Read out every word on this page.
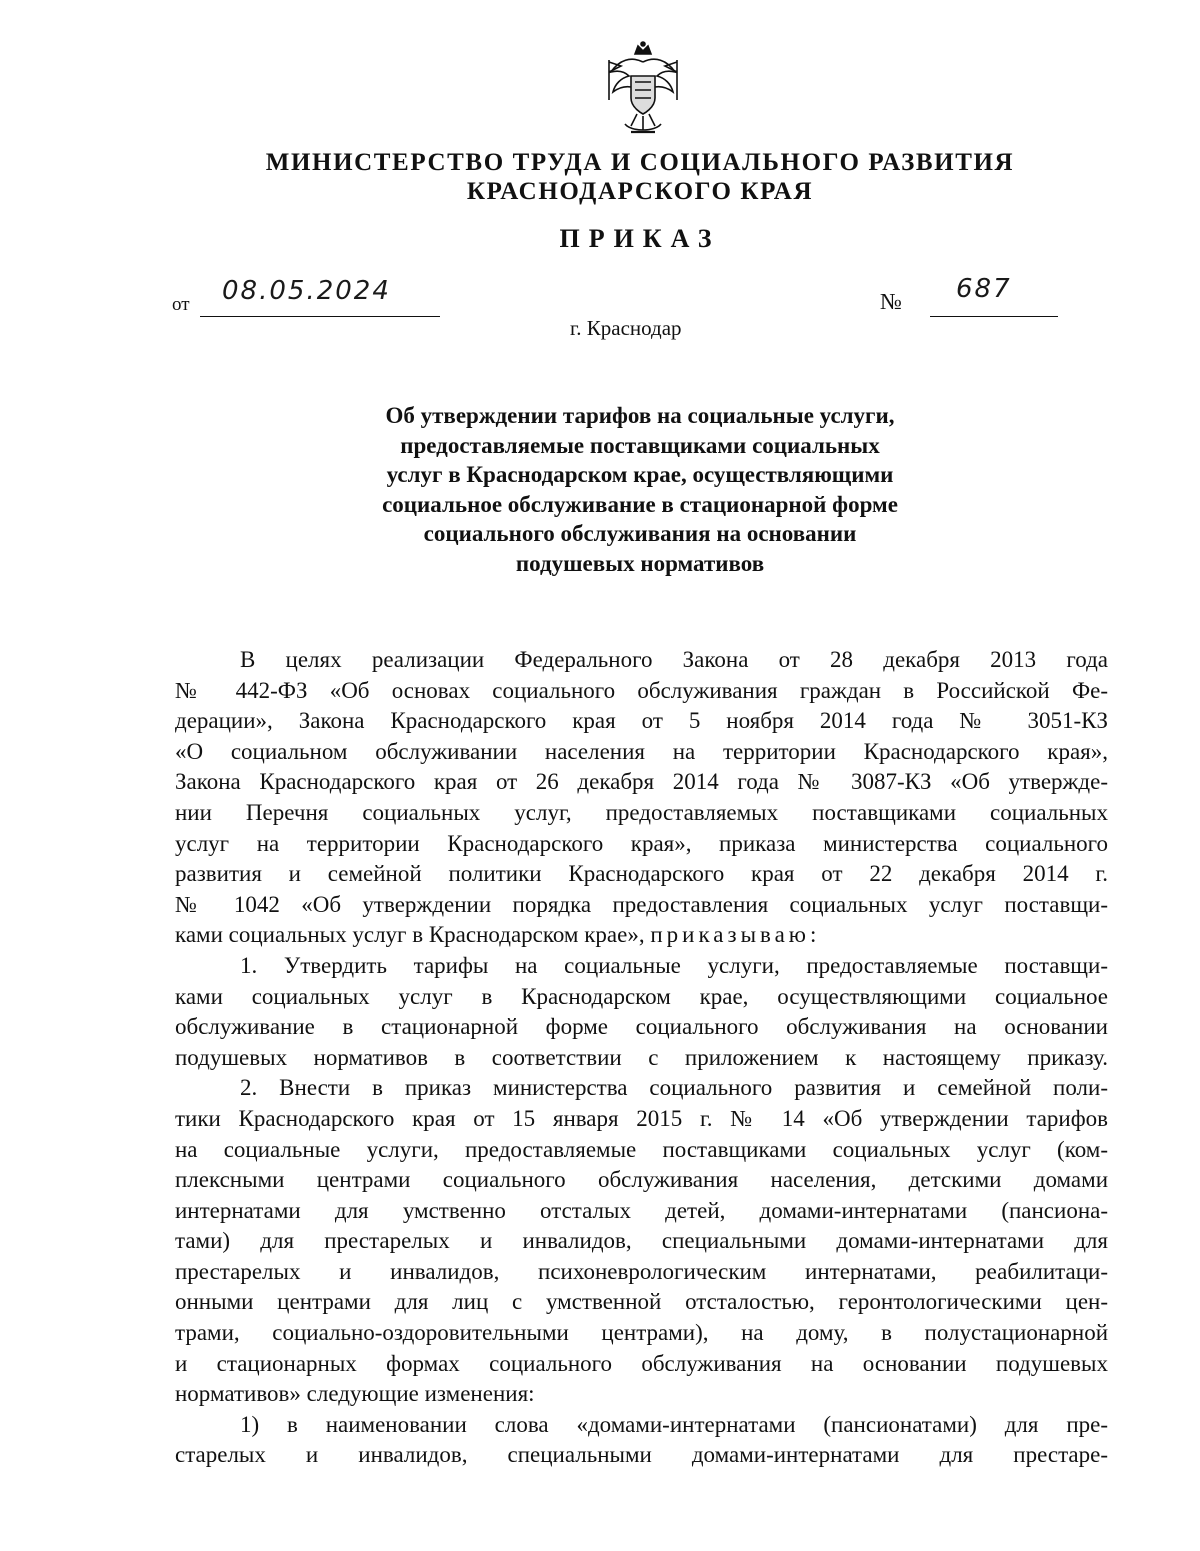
МИНИСТЕРСТВО ТРУДА И СОЦИАЛЬНОГО РАЗВИТИЯ
КРАСНОДАРСКОГО КРАЯ
ПРИКАЗ
от 08.05.2024	№ 687
г. Краснодар
Об утверждении тарифов на социальные услуги,
предоставляемые поставщиками социальных
услуг в Краснодарском крае, осуществляющими
социальное обслуживание в стационарной форме
социального обслуживания на основании
подушевых нормативов
В целях реализации Федерального Закона от 28 декабря 2013 года
№ 442-ФЗ «Об основах социального обслуживания граждан в Российской Фе-
дерации», Закона Краснодарского края от 5 ноября 2014 года № 3051-КЗ
«О социальном обслуживании населения на территории Краснодарского края»,
Закона Краснодарского края от 26 декабря 2014 года № 3087-КЗ «Об утвержде-
нии Перечня социальных услуг, предоставляемых поставщиками социальных
услуг на территории Краснодарского края», приказа министерства социального
развития и семейной политики Краснодарского края от 22 декабря 2014 г.
№ 1042 «Об утверждении порядка предоставления социальных услуг поставщи-
ками социальных услуг в Краснодарском крае», приказываю:
1. Утвердить тарифы на социальные услуги, предоставляемые поставщи-
ками социальных услуг в Краснодарском крае, осуществляющими социальное
обслуживание в стационарной форме социального обслуживания на основании
подушевых нормативов в соответствии с приложением к настоящему приказу.
2. Внести в приказ министерства социального развития и семейной поли-
тики Краснодарского края от 15 января 2015 г. № 14 «Об утверждении тарифов
на социальные услуги, предоставляемые поставщиками социальных услуг (ком-
плексными центрами социального обслуживания населения, детскими домами
интернатами для умственно отсталых детей, домами-интернатами (пансиона-
тами) для престарелых и инвалидов, специальными домами-интернатами для
престарелых и инвалидов, психоневрологическим интернатами, реабилитаци-
онными центрами для лиц с умственной отсталостью, геронтологическими цен-
трами, социально-оздоровительными центрами), на дому, в полустационарной
и стационарных формах социального обслуживания на основании подушевых
нормативов» следующие изменения:
1) в наименовании слова «домами-интернатами (пансионатами) для пре-
старелых и инвалидов, специальными домами-интернатами для престаре-
